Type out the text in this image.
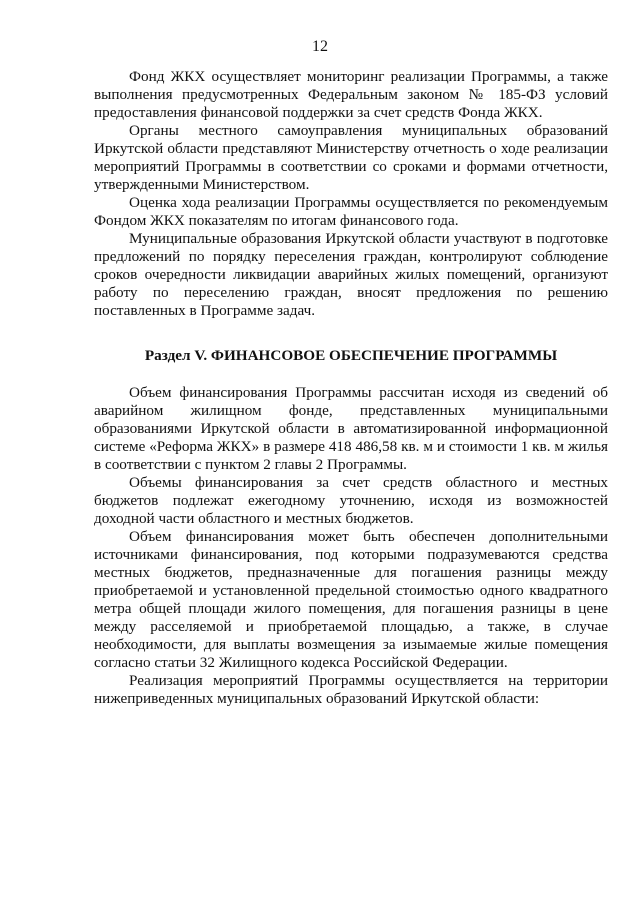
12

Фонд ЖКХ осуществляет мониторинг реализации Программы, а также выполнения предусмотренных Федеральным законом № 185-ФЗ условий предоставления финансовой поддержки за счет средств Фонда ЖКХ.

Органы местного самоуправления муниципальных образований Иркутской области представляют Министерству отчетность о ходе реализации мероприятий Программы в соответствии со сроками и формами отчетности, утвержденными Министерством.

Оценка хода реализации Программы осуществляется по рекомендуемым Фондом ЖКХ показателям по итогам финансового года.

Муниципальные образования Иркутской области участвуют в подготовке предложений по порядку переселения граждан, контролируют соблюдение сроков очередности ликвидации аварийных жилых помещений, организуют работу по переселению граждан, вносят предложения по решению поставленных в Программе задач.

Раздел V. ФИНАНСОВОЕ ОБЕСПЕЧЕНИЕ ПРОГРАММЫ

Объем финансирования Программы рассчитан исходя из сведений об аварийном жилищном фонде, представленных муниципальными образованиями Иркутской области в автоматизированной информационной системе «Реформа ЖКХ» в размере 418 486,58 кв. м и стоимости 1 кв. м жилья в соответствии с пунктом 2 главы 2 Программы.

Объемы финансирования за счет средств областного и местных бюджетов подлежат ежегодному уточнению, исходя из возможностей доходной части областного и местных бюджетов.

Объем финансирования может быть обеспечен дополнительными источниками финансирования, под которыми подразумеваются средства местных бюджетов, предназначенные для погашения разницы между приобретаемой и установленной предельной стоимостью одного квадратного метра общей площади жилого помещения, для погашения разницы в цене между расселяемой и приобретаемой площадью, а также, в случае необходимости, для выплаты возмещения за изымаемые жилые помещения согласно статьи 32 Жилищного кодекса Российской Федерации.

Реализация мероприятий Программы осуществляется на территории нижеприведенных муниципальных образований Иркутской области:
